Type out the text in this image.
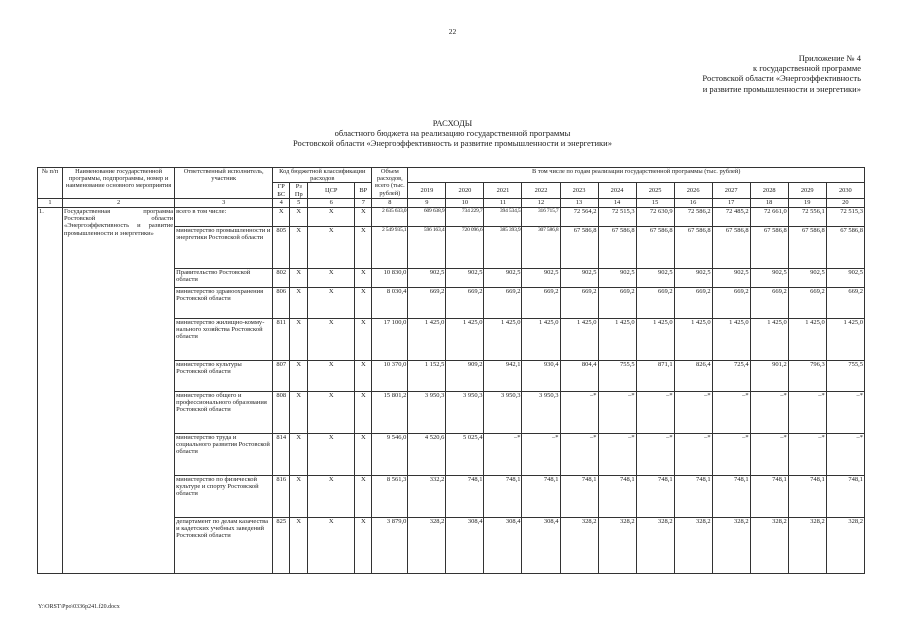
22
Приложение № 4
к государственной программе
Ростовской области «Энергоэффективность
и развитие промышленности и энергетики»
РАСХОДЫ
областного бюджета на реализацию государственной программы
Ростовской области «Энергоэффективность и развитие промышленности и энергетики»
№ п/п	Наименование государственной программы, подпрограммы, номер и наименование основного мероприятия	Ответственный исполнитель, участник	Код бюджетной классификации расходов				Объем расходов, всего (тыс. рублей)	В том числе по годам реализации государственной программы (тыс. рублей)											
			ГР БС	Рз Пр	ЦСР	ВР		2019	2020	2021	2022	2023	2024	2025	2026	2027	2028	2029	2030
1	2	3	4	5	6	7	8	9	10	11	12	13	14	15	16	17	18	19	20
1.	Государственная программа Ростовской области «Энергоэффективность и развитие промышленности и энергетики»	всего в том числе:	X	X	X	X	2 635 633,0	609 638,9	734 229,7	394 534,5	316 715,7	72 564,2	72 515,3	72 630,9	72 586,2	72 485,2	72 661,0	72 556,1	72 515,3
		министерство промышленности и энергетики Ростовской области	805	X	X	X	2 549 935,1	596 163,4	720 096,6	385 393,9	307 586,8	67 586,8	67 586,8	67 586,8	67 586,8	67 586,8	67 586,8	67 586,8	67 586,8
		Правительство Ростовской области	802	X	X	X	10 830,0	902,5	902,5	902,5	902,5	902,5	902,5	902,5	902,5	902,5	902,5	902,5	902,5
		министерство здравоохранения Ростовской области	806	X	X	X	8 030,4	669,2	669,2	669,2	669,2	669,2	669,2	669,2	669,2	669,2	669,2	669,2	669,2
		министерство жилищно-коммунального хозяйства Ростовской области	811	X	X	X	17 100,0	1 425,0	1 425,0	1 425,0	1 425,0	1 425,0	1 425,0	1 425,0	1 425,0	1 425,0	1 425,0	1 425,0	1 425,0
		министерство культуры Ростовской области	807	X	X	X	10 370,0	1 152,5	909,2	942,1	930,4	804,4	755,5	871,1	826,4	725,4	901,2	796,3	755,5
		министерство общего и профессионального образования Ростовской области	808	X	X	X	15 801,2	3 950,3	3 950,3	3 950,3	3 950,3	–*	–*	–*	–*	–*	–*	–*	–*
		министерство труда и социального развития Ростовской области	814	X	X	X	9 546,0	4 520,6	5 025,4	–*	–*	–*	–*	–*	–*	–*	–*	–*	–*
		министерство по физической культуре и спорту Ростовской области	816	X	X	X	8 561,3	332,2	748,1	748,1	748,1	748,1	748,1	748,1	748,1	748,1	748,1	748,1	748,1
		департамент по делам казачества и кадетских учебных заведений Ростовской области	825	X	X	X	3 879,0	328,2	308,4	308,4	308,4	328,2	328,2	328,2	328,2	328,2	328,2	328,2	328,2
Y:\ORST\Ppo\0336p241.f20.docx
